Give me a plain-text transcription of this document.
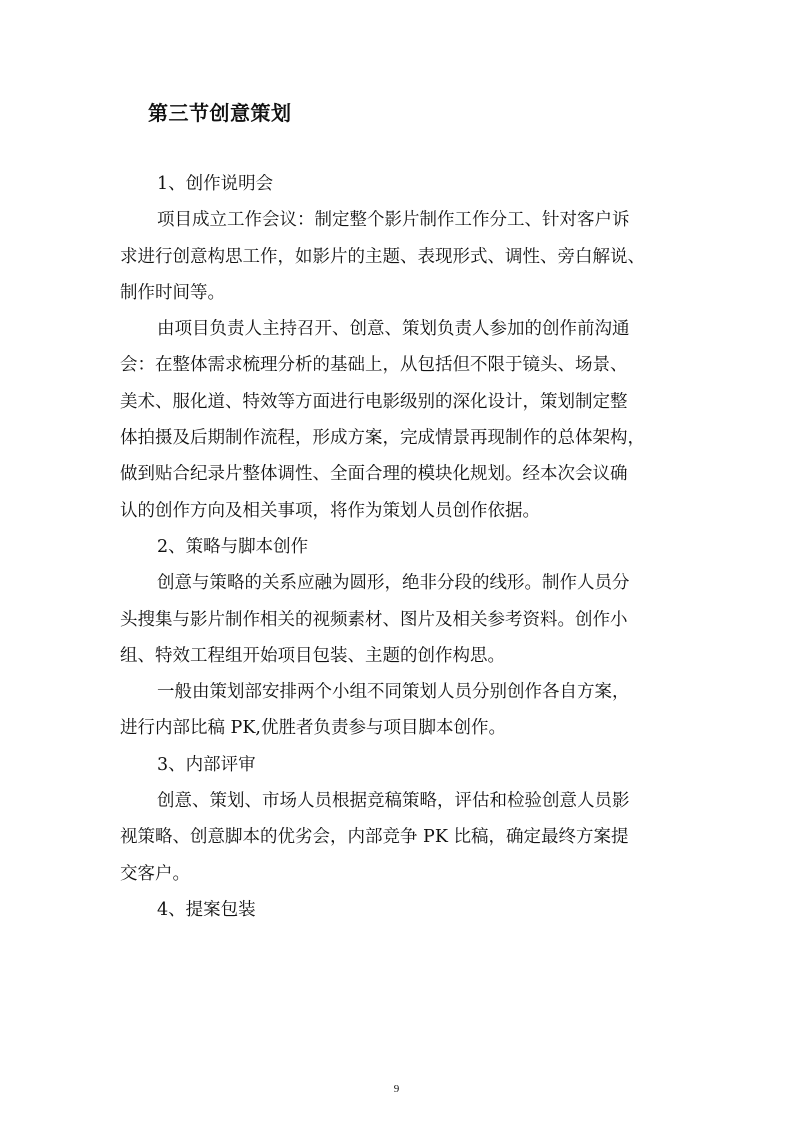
第三节创意策划

1、创作说明会

项目成立工作会议：制定整个影片制作工作分工、针对客户诉

求进行创意构思工作，如影片的主题、表现形式、调性、旁白解说、

制作时间等。

由项目负责人主持召开、创意、策划负责人参加的创作前沟通

会：在整体需求梳理分析的基础上，从包括但不限于镜头、场景、

美术、服化道、特效等方面进行电影级别的深化设计，策划制定整

体拍摄及后期制作流程，形成方案，完成情景再现制作的总体架构，

做到贴合纪录片整体调性、全面合理的模块化规划。经本次会议确

认的创作方向及相关事项，将作为策划人员创作依据。

2、策略与脚本创作

创意与策略的关系应融为圆形，绝非分段的线形。制作人员分

头搜集与影片制作相关的视频素材、图片及相关参考资料。创作小

组、特效工程组开始项目包装、主题的创作构思。

一般由策划部安排两个小组不同策划人员分别创作各自方案，

进行内部比稿 PK,优胜者负责参与项目脚本创作。

3、内部评审

创意、策划、市场人员根据竞稿策略，评估和检验创意人员影

视策略、创意脚本的优劣会，内部竞争 PK 比稿，确定最终方案提

交客户。

4、提案包装

9
